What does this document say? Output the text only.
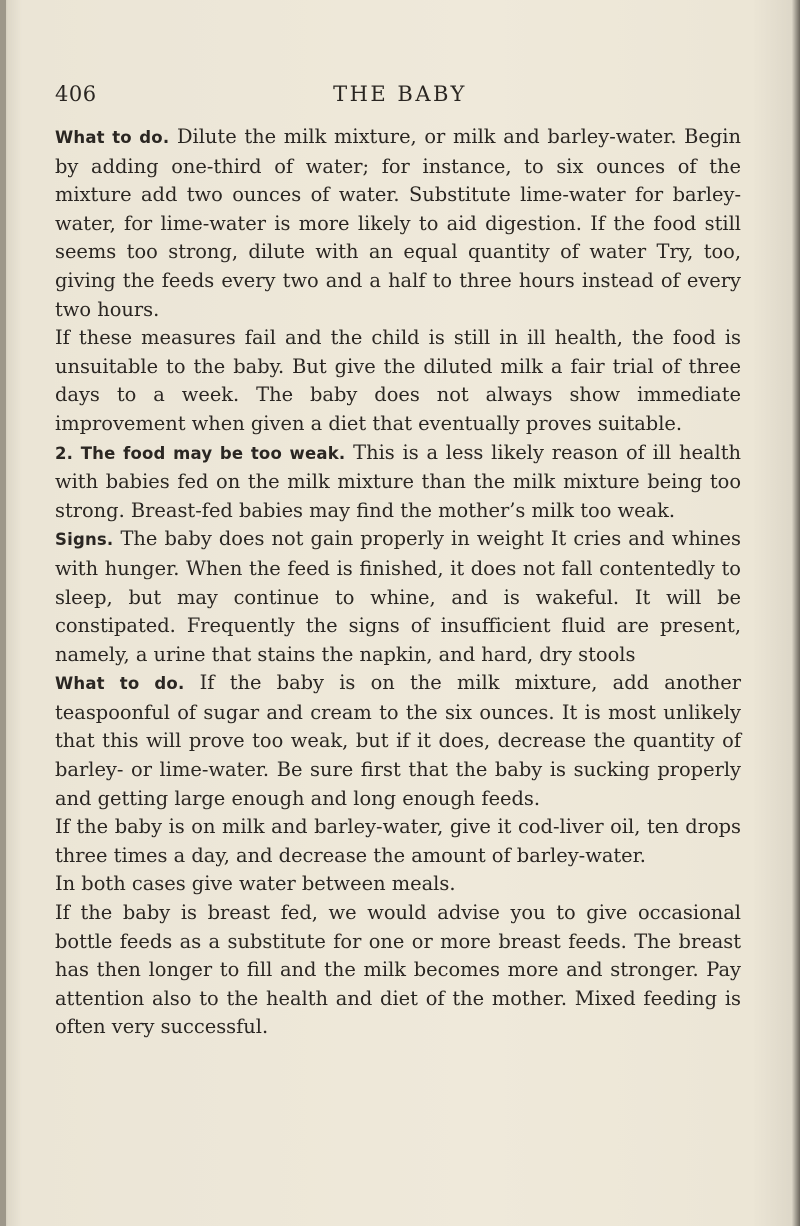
406	THE BABY

What to do. Dilute the milk mixture, or milk and barley-water. Begin by adding one-third of water; for instance, to six ounces of the mixture add two ounces of water. Substitute lime-water for barley-water, for lime-water is more likely to aid digestion. If the food still seems too strong, dilute with an equal quantity of water Try, too, giving the feeds every two and a half to three hours instead of every two hours.

If these measures fail and the child is still in ill health, the food is unsuitable to the baby. But give the diluted milk a fair trial of three days to a week. The baby does not always show immediate improvement when given a diet that eventually proves suitable.

2. The food may be too weak. This is a less likely reason of ill health with babies fed on the milk mixture than the milk mixture being too strong. Breast-fed babies may find the mother’s milk too weak.

Signs. The baby does not gain properly in weight It cries and whines with hunger. When the feed is finished, it does not fall contentedly to sleep, but may continue to whine, and is wakeful. It will be constipated. Frequently the signs of insufficient fluid are present, namely, a urine that stains the napkin, and hard, dry stools

What to do. If the baby is on the milk mixture, add another teaspoonful of sugar and cream to the six ounces. It is most unlikely that this will prove too weak, but if it does, decrease the quantity of barley- or lime-water. Be sure first that the baby is sucking properly and getting large enough and long enough feeds.

If the baby is on milk and barley-water, give it cod-liver oil, ten drops three times a day, and decrease the amount of barley-water.

In both cases give water between meals.

If the baby is breast fed, we would advise you to give occasional bottle feeds as a substitute for one or more breast feeds. The breast has then longer to fill and the milk becomes more and stronger. Pay attention also to the health and diet of the mother. Mixed feeding is often very successful.
